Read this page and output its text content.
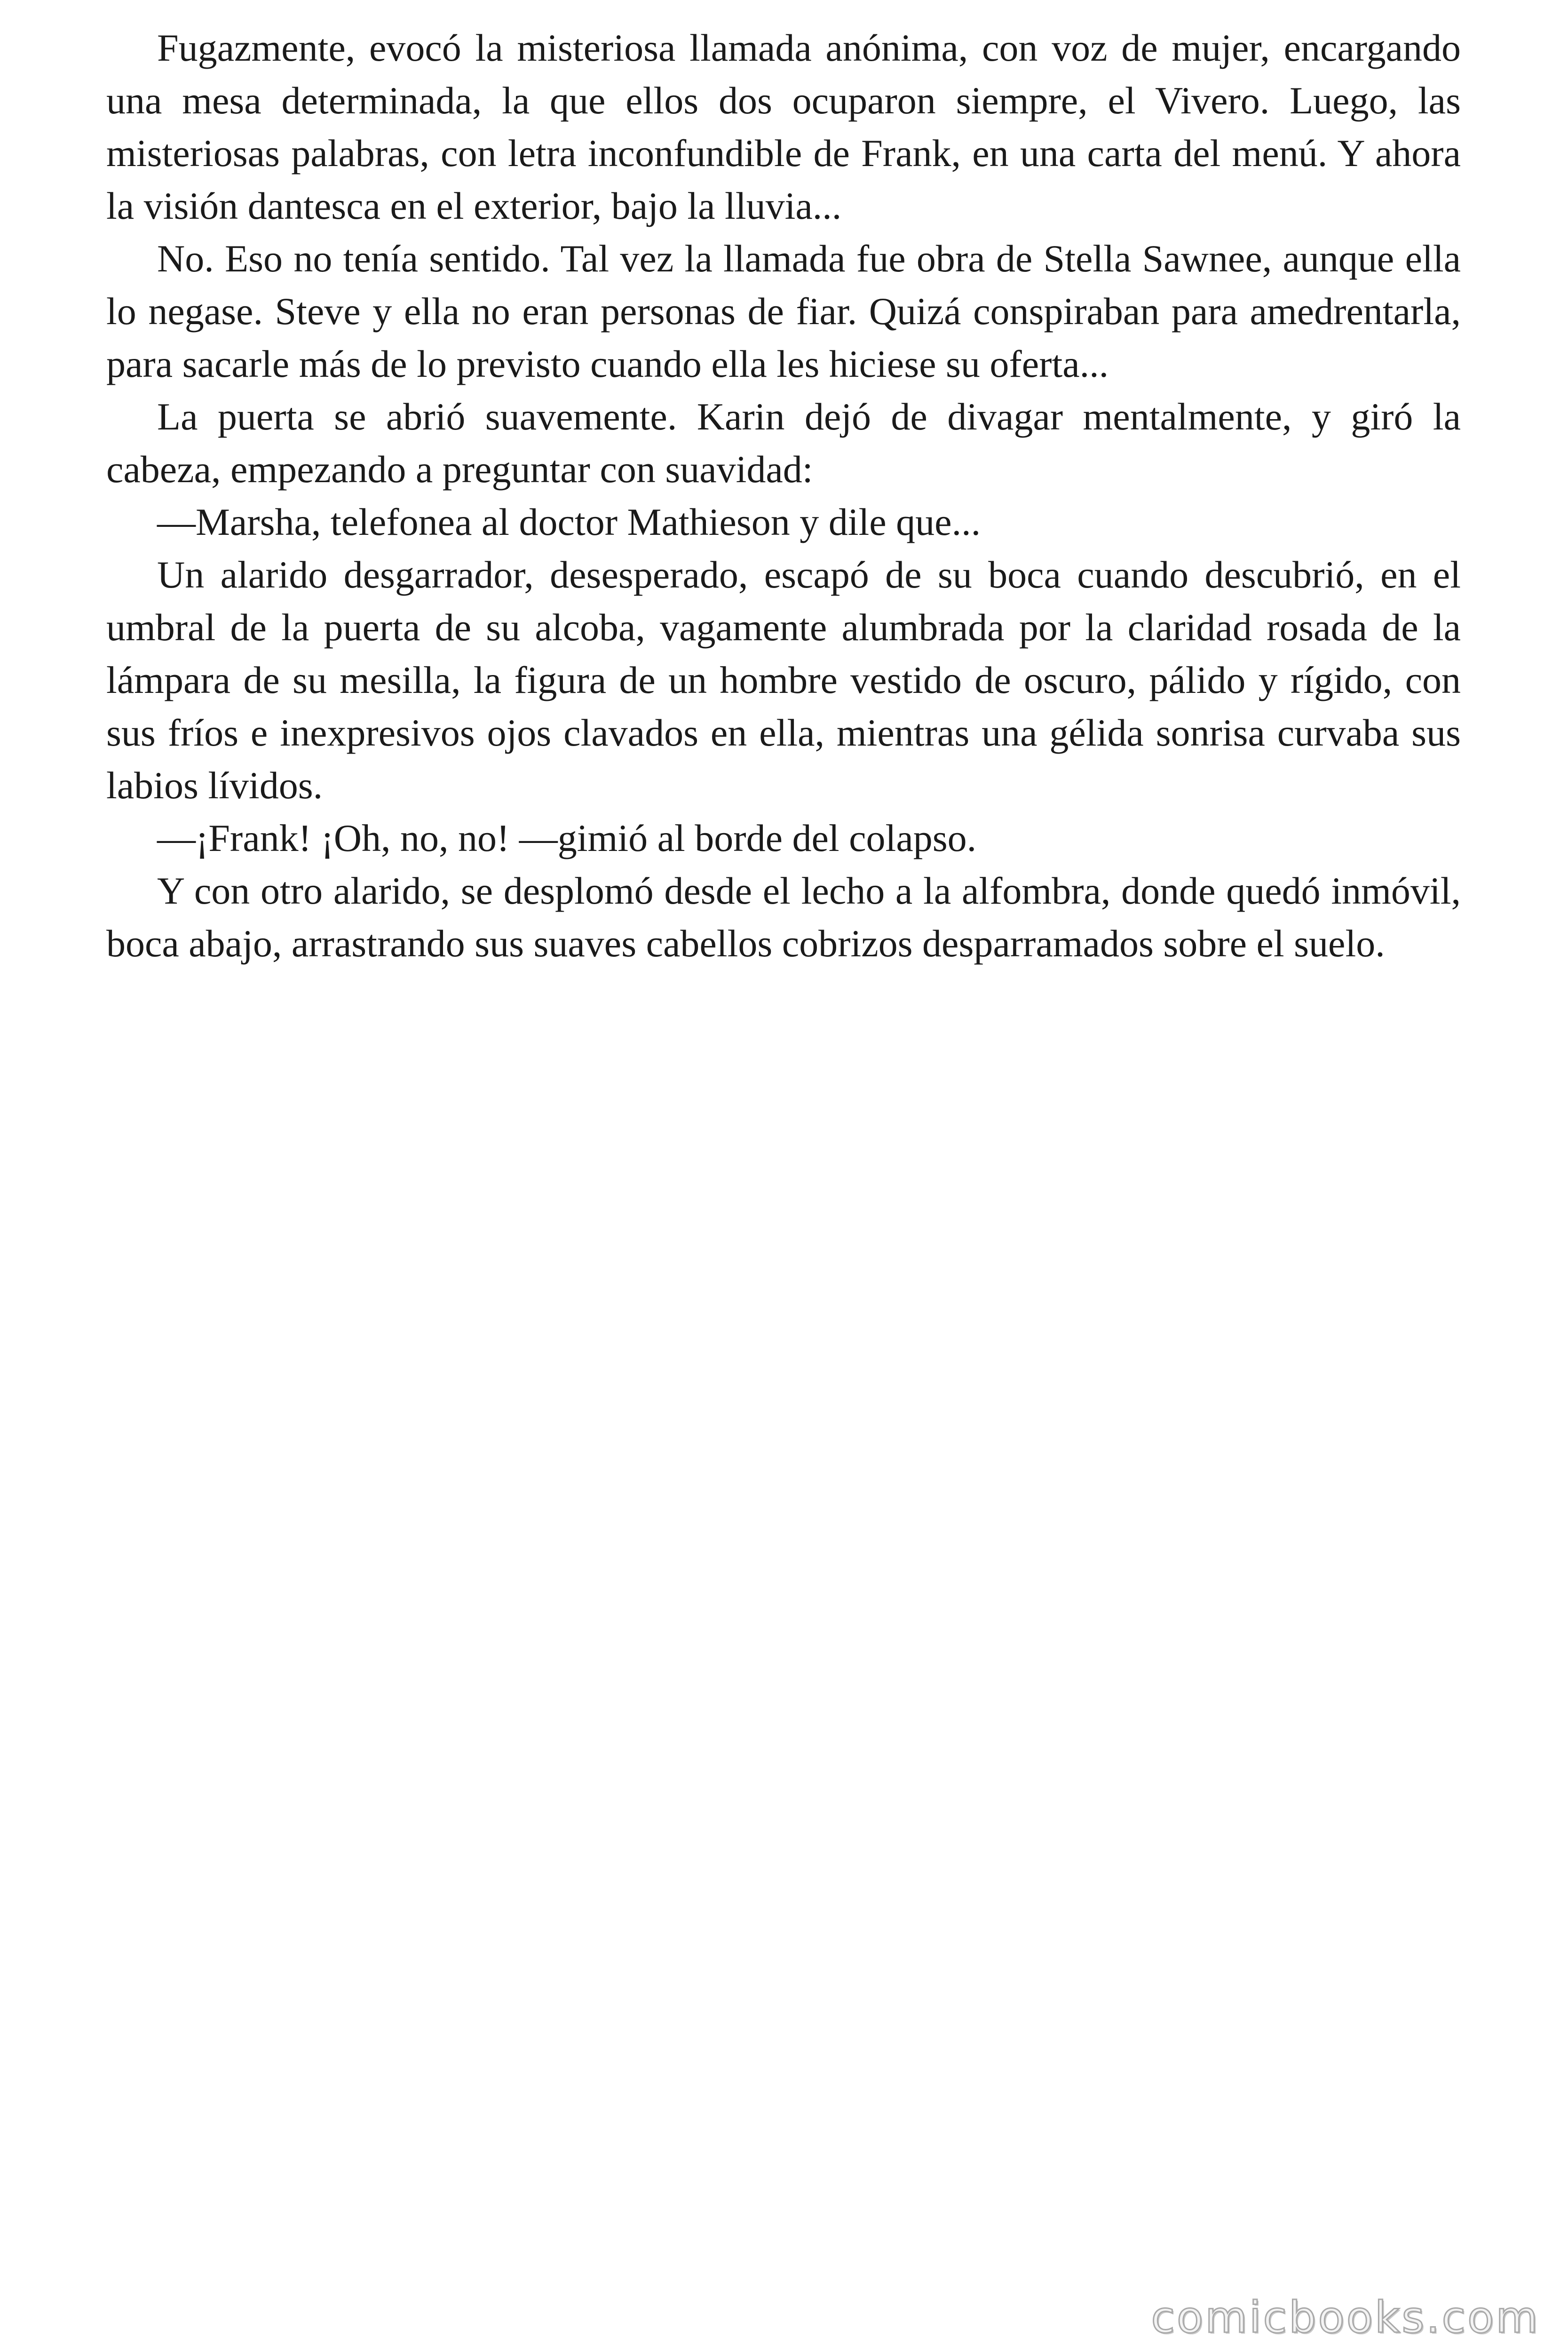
Fugazmente, evocó la misteriosa llamada anónima, con voz de mujer, encargando una mesa determinada, la que ellos dos ocuparon siempre, el Vivero. Luego, las misteriosas palabras, con letra inconfundible de Frank, en una carta del menú. Y ahora la visión dantesca en el exterior, bajo la lluvia...

No. Eso no tenía sentido. Tal vez la llamada fue obra de Stella Sawnee, aunque ella lo negase. Steve y ella no eran personas de fiar. Quizá conspiraban para amedrentarla, para sacarle más de lo previsto cuando ella les hiciese su oferta...

La puerta se abrió suavemente. Karin dejó de divagar mentalmente, y giró la cabeza, empezando a preguntar con suavidad:

—Marsha, telefonea al doctor Mathieson y dile que...

Un alarido desgarrador, desesperado, escapó de su boca cuando descubrió, en el umbral de la puerta de su alcoba, vagamente alumbrada por la claridad rosada de la lámpara de su mesilla, la figura de un hombre vestido de oscuro, pálido y rígido, con sus fríos e inexpresivos ojos clavados en ella, mientras una gélida sonrisa curvaba sus labios lívidos.

—¡Frank! ¡Oh, no, no! —gimió al borde del colapso.

Y con otro alarido, se desplomó desde el lecho a la alfombra, donde quedó inmóvil, boca abajo, arrastrando sus suaves cabellos cobrizos desparramados sobre el suelo.

comicbooks.com
